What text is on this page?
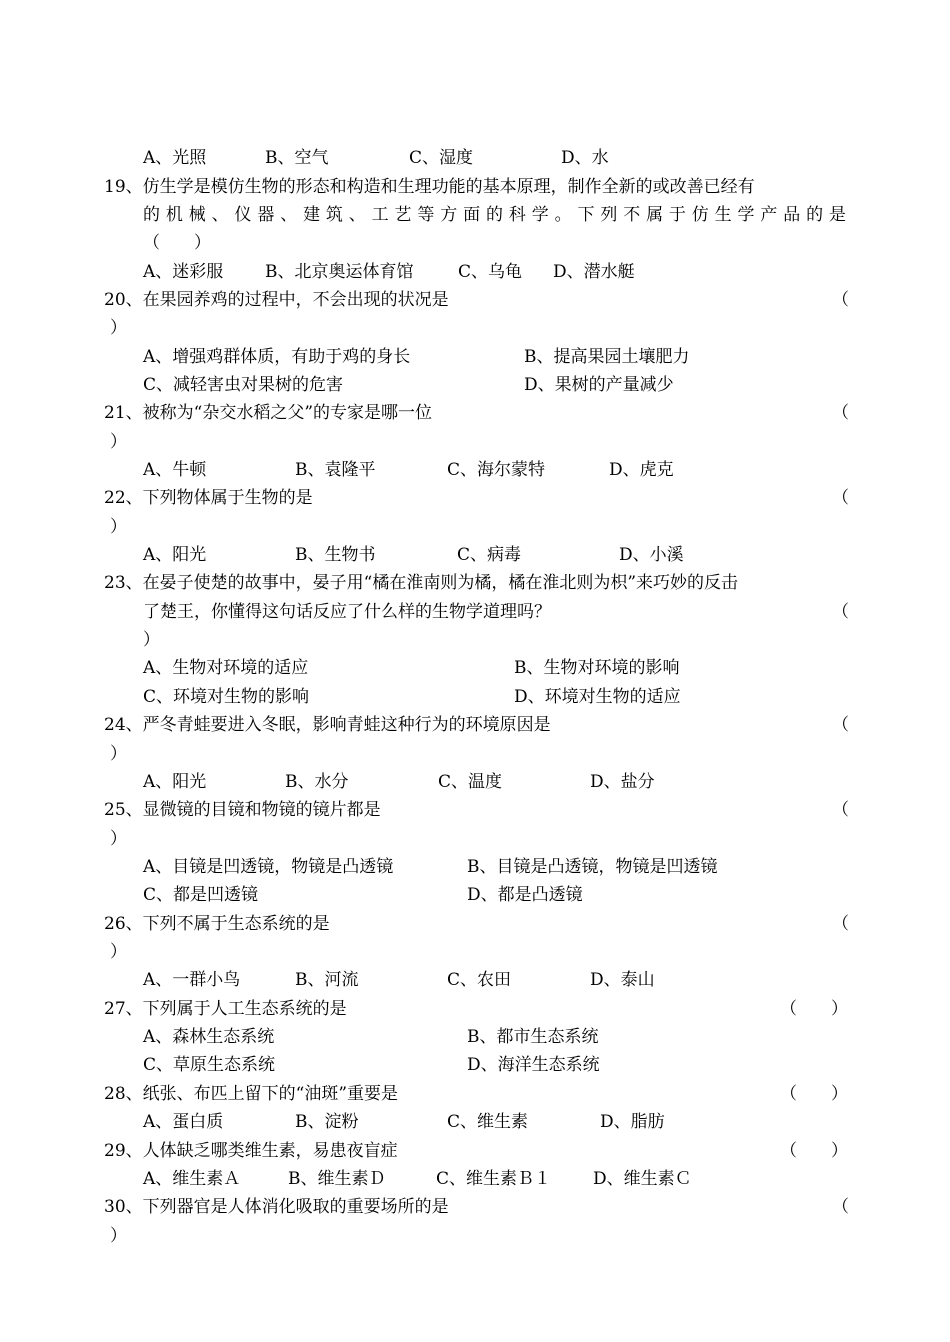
A、光照	B、空气	C、湿度	D、水
19、仿生学是模仿生物的形态和构造和生理功能的基本原理，制作全新的或改善已经有
的机械、仪器、建筑、工艺等方面的科学。下列不属于仿生学产品的是
（　　）
A、迷彩服 B、北京奥运体育馆	C、乌龟 D、潜水艇
20、在果园养鸡的过程中，不会出现的状况是	（
）
A、增强鸡群体质，有助于鸡的身长	B、提高果园土壤肥力
C、减轻害虫对果树的危害	D、果树的产量减少
21、被称为“杂交水稻之父”的专家是哪一位	（
）
A、牛顿	B、袁隆平	C、海尔蒙特	D、虎克
22、下列物体属于生物的是	（
）
A、阳光	B、生物书	C、病毒	D、小溪
23、在晏子使楚的故事中，晏子用“橘在淮南则为橘，橘在淮北则为枳”来巧妙的反击
了楚王，你懂得这句话反应了什么样的生物学道理吗？	（
）
A、生物对环境的适应	B、生物对环境的影响
C、环境对生物的影响	D、环境对生物的适应
24、严冬青蛙要进入冬眠，影响青蛙这种行为的环境原因是	（
）
A、阳光	B、水分	C、温度	D、盐分
25、显微镜的目镜和物镜的镜片都是	（
）
A、目镜是凹透镜，物镜是凸透镜	B、目镜是凸透镜，物镜是凹透镜
C、都是凹透镜	D、都是凸透镜
26、下列不属于生态系统的是	（
）
A、一群小鸟	B、河流	C、农田	D、泰山
27、下列属于人工生态系统的是	（　　）
A、森林生态系统	B、都市生态系统
C、草原生态系统	D、海洋生态系统
28、纸张、布匹上留下的“油斑”重要是	（　　）
A、蛋白质	B、淀粉	C、维生素	D、脂肪
29、人体缺乏哪类维生素，易患夜盲症	（　　）
A、维生素Ａ	B、维生素Ｄ	C、维生素Ｂ１ D、维生素Ｃ
30、下列器官是人体消化吸取的重要场所的是	（
）
